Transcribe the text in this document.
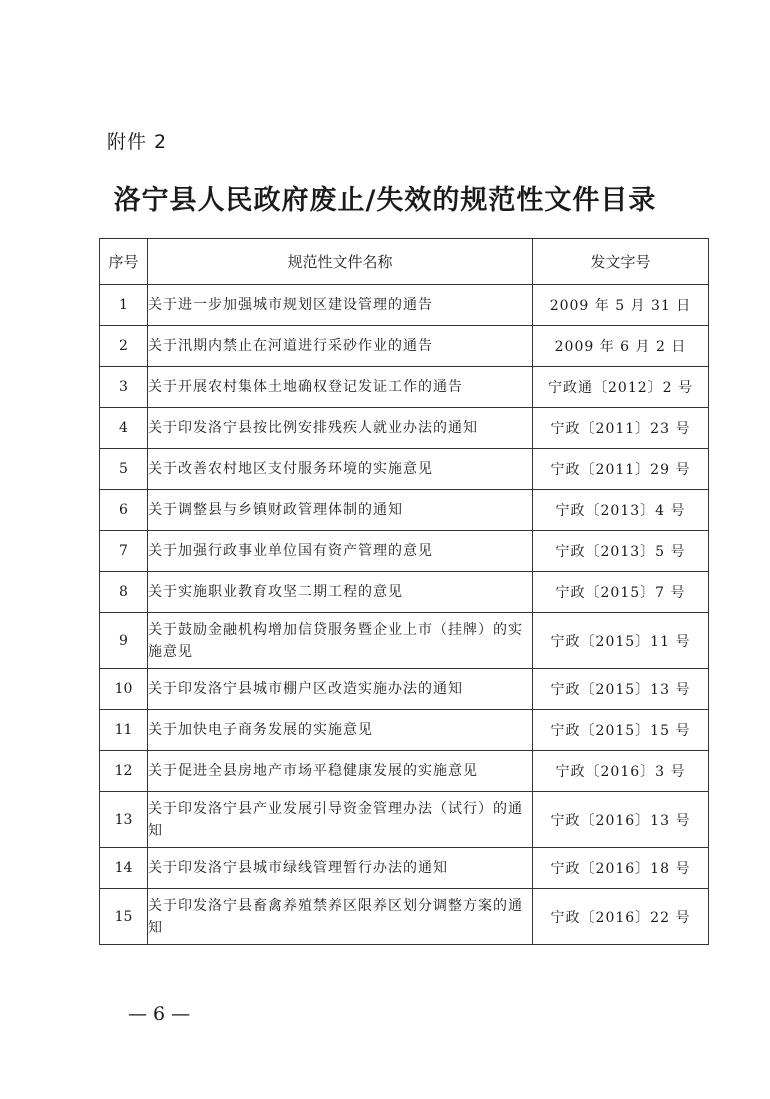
附件 2
洛宁县人民政府废止/失效的规范性文件目录
序号	规范性文件名称	发文字号
1	关于进一步加强城市规划区建设管理的通告	2009 年 5 月 31 日
2	关于汛期内禁止在河道进行采砂作业的通告	2009 年 6 月 2 日
3	关于开展农村集体土地确权登记发证工作的通告	宁政通〔2012〕2 号
4	关于印发洛宁县按比例安排残疾人就业办法的通知	宁政〔2011〕23 号
5	关于改善农村地区支付服务环境的实施意见	宁政〔2011〕29 号
6	关于调整县与乡镇财政管理体制的通知	宁政〔2013〕4 号
7	关于加强行政事业单位国有资产管理的意见	宁政〔2013〕5 号
8	关于实施职业教育攻坚二期工程的意见	宁政〔2015〕7 号
9	关于鼓励金融机构增加信贷服务暨企业上市（挂牌）的实施意见	宁政〔2015〕11 号
10	关于印发洛宁县城市棚户区改造实施办法的通知	宁政〔2015〕13 号
11	关于加快电子商务发展的实施意见	宁政〔2015〕15 号
12	关于促进全县房地产市场平稳健康发展的实施意见	宁政〔2016〕3 号
13	关于印发洛宁县产业发展引导资金管理办法（试行）的通知	宁政〔2016〕13 号
14	关于印发洛宁县城市绿线管理暂行办法的通知	宁政〔2016〕18 号
15	关于印发洛宁县畜禽养殖禁养区限养区划分调整方案的通知	宁政〔2016〕22 号
— 6 —
